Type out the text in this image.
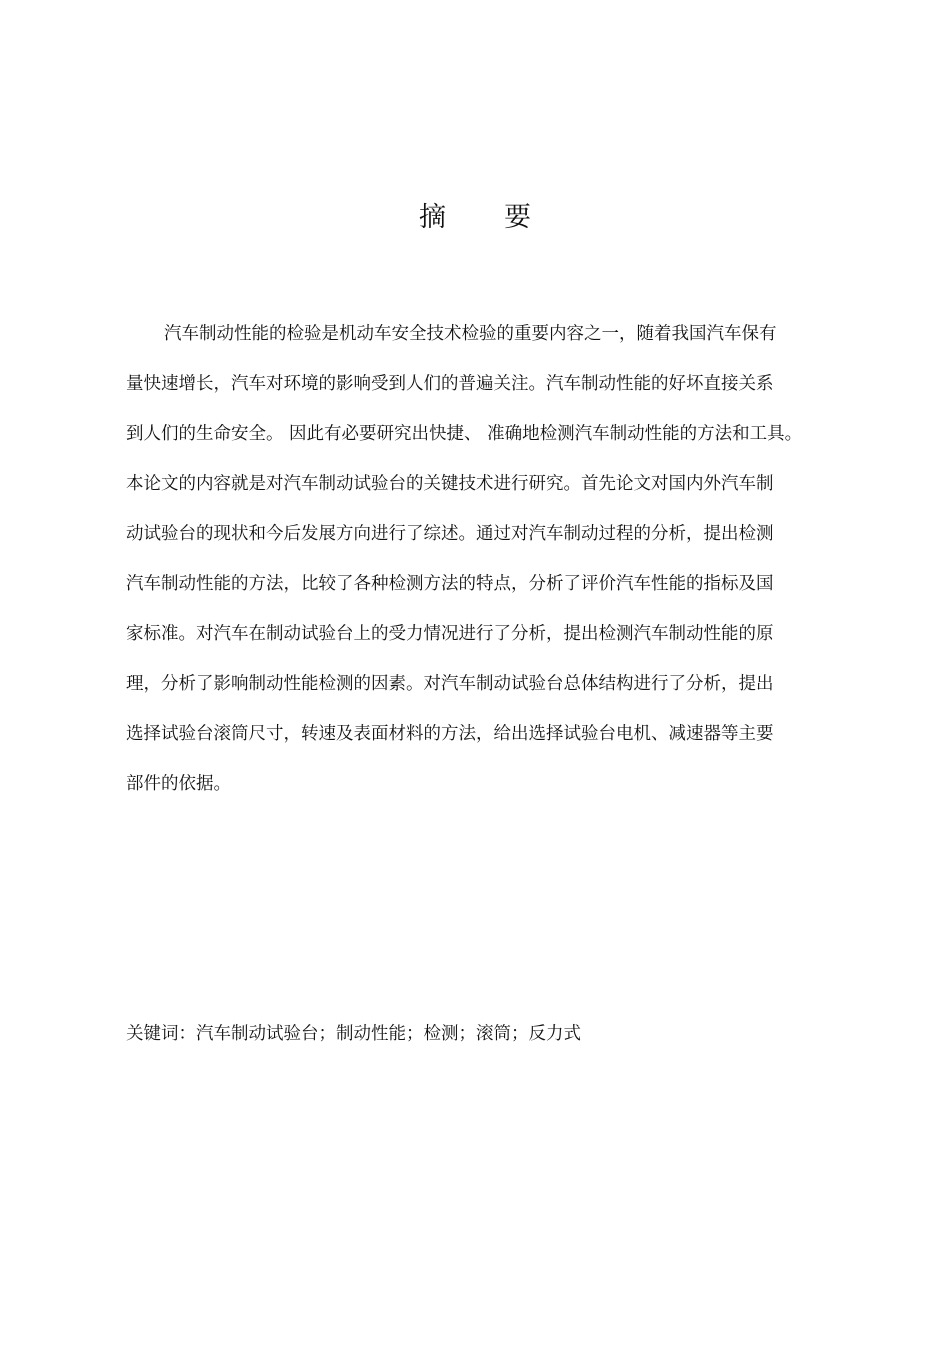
摘 要
汽车制动性能的检验是机动车安全技术检验的重要内容之一，随着我国汽车保有
量快速增长，汽车对环境的影响受到人们的普遍关注。汽车制动性能的好坏直接关系
到人们的生命安全。 因此有必要研究出快捷、 准确地检测汽车制动性能的方法和工具。
本论文的内容就是对汽车制动试验台的关键技术进行研究。首先论文对国内外汽车制
动试验台的现状和今后发展方向进行了综述。通过对汽车制动过程的分析，提出检测
汽车制动性能的方法，比较了各种检测方法的特点，分析了评价汽车性能的指标及国
家标准。对汽车在制动试验台上的受力情况进行了分析，提出检测汽车制动性能的原
理，分析了影响制动性能检测的因素。对汽车制动试验台总体结构进行了分析，提出
选择试验台滚筒尺寸，转速及表面材料的方法，给出选择试验台电机、减速器等主要
部件的依据。
关键词：汽车制动试验台；制动性能；检测；滚筒；反力式
